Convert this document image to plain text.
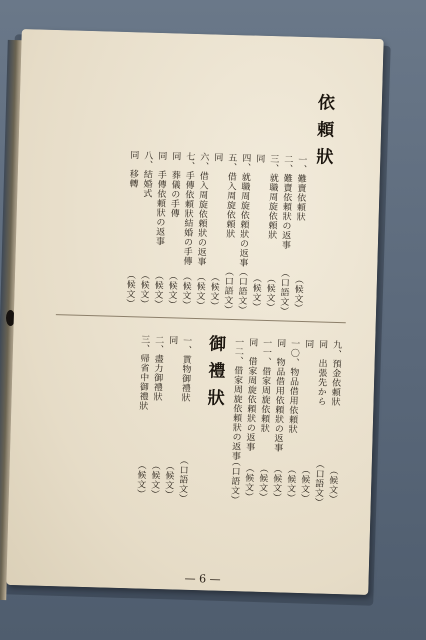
依頼狀
一、難賣依頼狀
（候文）
二、難賣依頼狀の返事
（口語文）
三、就職周旋依頼狀
（候文）
同
（候文）
四、就職周旋依頼狀の返事
（口語文）
五、借入周旋依頼狀
（口語文）
同
（候文）
六、借入周旋依頼狀の返事
（候文）
七、手傳依頼狀結婚の手傳
（候文）
同　葬儀の手傳
（候文）
同　手傳依頼狀の返事
（候文）
八、結婚式
（候文）
同　移轉
（候文）
九、預金依頼狀
（候文）
同　出張先から
（口語文）
同
（候文）
一〇、物品借用依頼狀
（候文）
同　物品借用依頼狀の返事
（候文）
一一、借家周旋依頼狀
（候文）
同　借家周旋依頼狀の返事
（候文）
一二、借家周旋依頼狀の返事
（口語文）
御禮狀
一、貰物御禮狀
（口語文）
同
（候文）
二、盡力御禮狀
（候文）
三、帰省中御禮狀
（候文）
— 6 —
